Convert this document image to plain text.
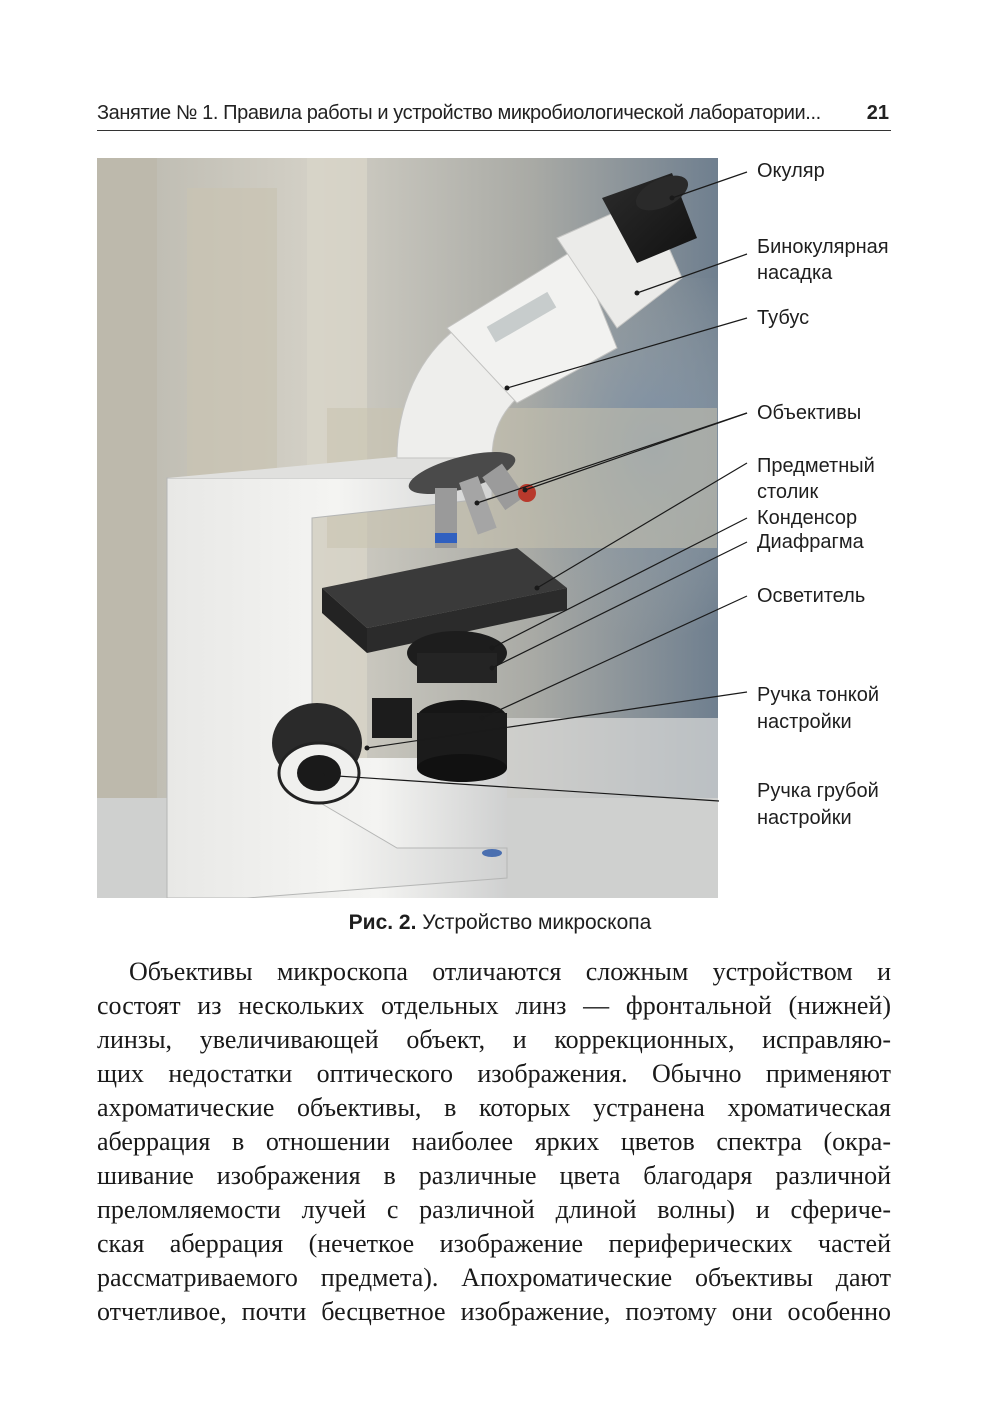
Занятие № 1. Правила работы и устройство микробиологической лаборатории... 21
Окуляр
Бинокулярная
насадка
Тубус
Объективы
Предметный
столик
Конденсор
Диафрагма
Осветитель
Ручка тонкой
настройки
Ручка грубой
настройки
Рис. 2. Устройство микроскопа
Объективы микроскопа отличаются сложным устройством и
состоят из нескольких отдельных линз — фронтальной (нижней)
линзы, увеличивающей объект, и коррекционных, исправляю-
щих недостатки оптического изображения. Обычно применяют
ахроматические объективы, в которых устранена хроматическая
аберрация в отношении наиболее ярких цветов спектра (окра-
шивание изображения в различные цвета благодаря различной
преломляемости лучей с различной длиной волны) и сфериче-
ская аберрация (нечеткое изображение периферических частей
рассматриваемого предмета). Апохроматические объективы дают
отчетливое, почти бесцветное изображение, поэтому они особенно
